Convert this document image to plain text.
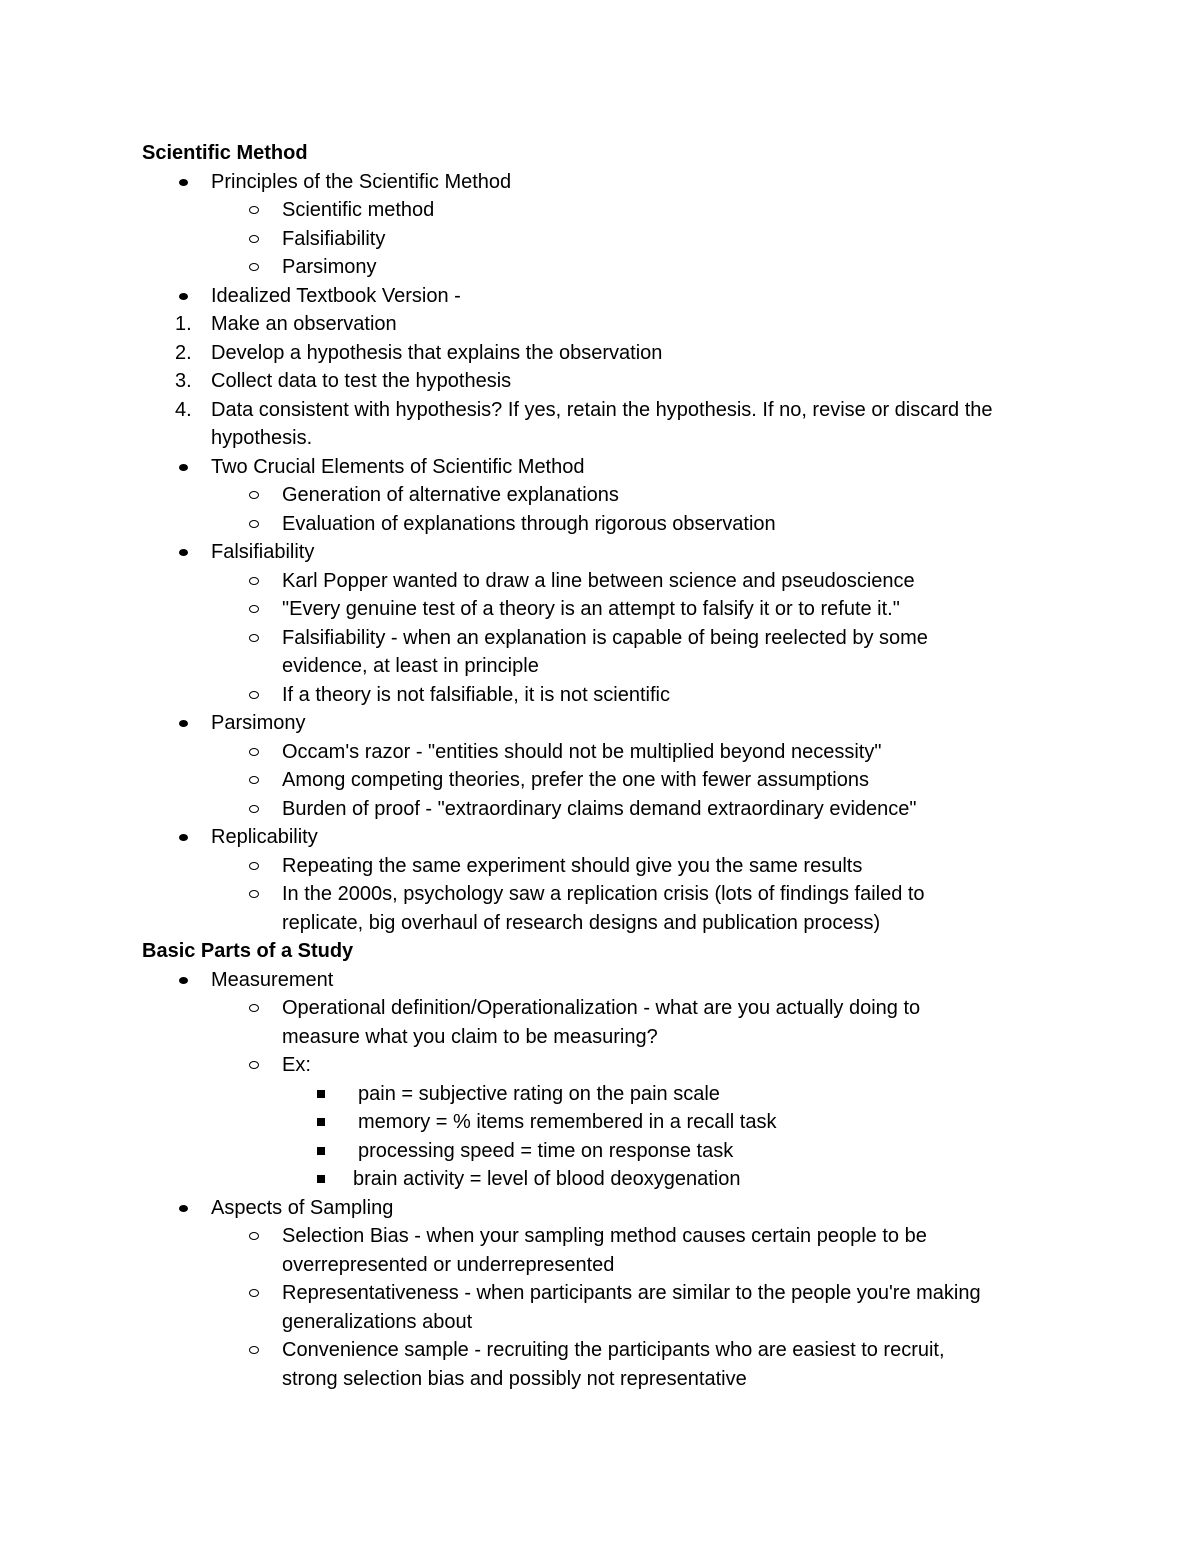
Scientific Method
Principles of the Scientific Method
Scientific method
Falsifiability
Parsimony
Idealized Textbook Version -
1. Make an observation
2. Develop a hypothesis that explains the observation
3. Collect data to test the hypothesis
4. Data consistent with hypothesis? If yes, retain the hypothesis. If no, revise or discard the
hypothesis.
Two Crucial Elements of Scientific Method
Generation of alternative explanations
Evaluation of explanations through rigorous observation
Falsifiability
Karl Popper wanted to draw a line between science and pseudoscience
"Every genuine test of a theory is an attempt to falsify it or to refute it."
Falsifiability - when an explanation is capable of being reelected by some
evidence, at least in principle
If a theory is not falsifiable, it is not scientific
Parsimony
Occam's razor - "entities should not be multiplied beyond necessity"
Among competing theories, prefer the one with fewer assumptions
Burden of proof - "extraordinary claims demand extraordinary evidence"
Replicability
Repeating the same experiment should give you the same results
In the 2000s, psychology saw a replication crisis (lots of findings failed to
replicate, big overhaul of research designs and publication process)
Basic Parts of a Study
Measurement
Operational definition/Operationalization - what are you actually doing to
measure what you claim to be measuring?
Ex:
pain = subjective rating on the pain scale
memory = % items remembered in a recall task
processing speed = time on response task
brain activity = level of blood deoxygenation
Aspects of Sampling
Selection Bias - when your sampling method causes certain people to be
overrepresented or underrepresented
Representativeness - when participants are similar to the people you're making
generalizations about
Convenience sample - recruiting the participants who are easiest to recruit,
strong selection bias and possibly not representative
